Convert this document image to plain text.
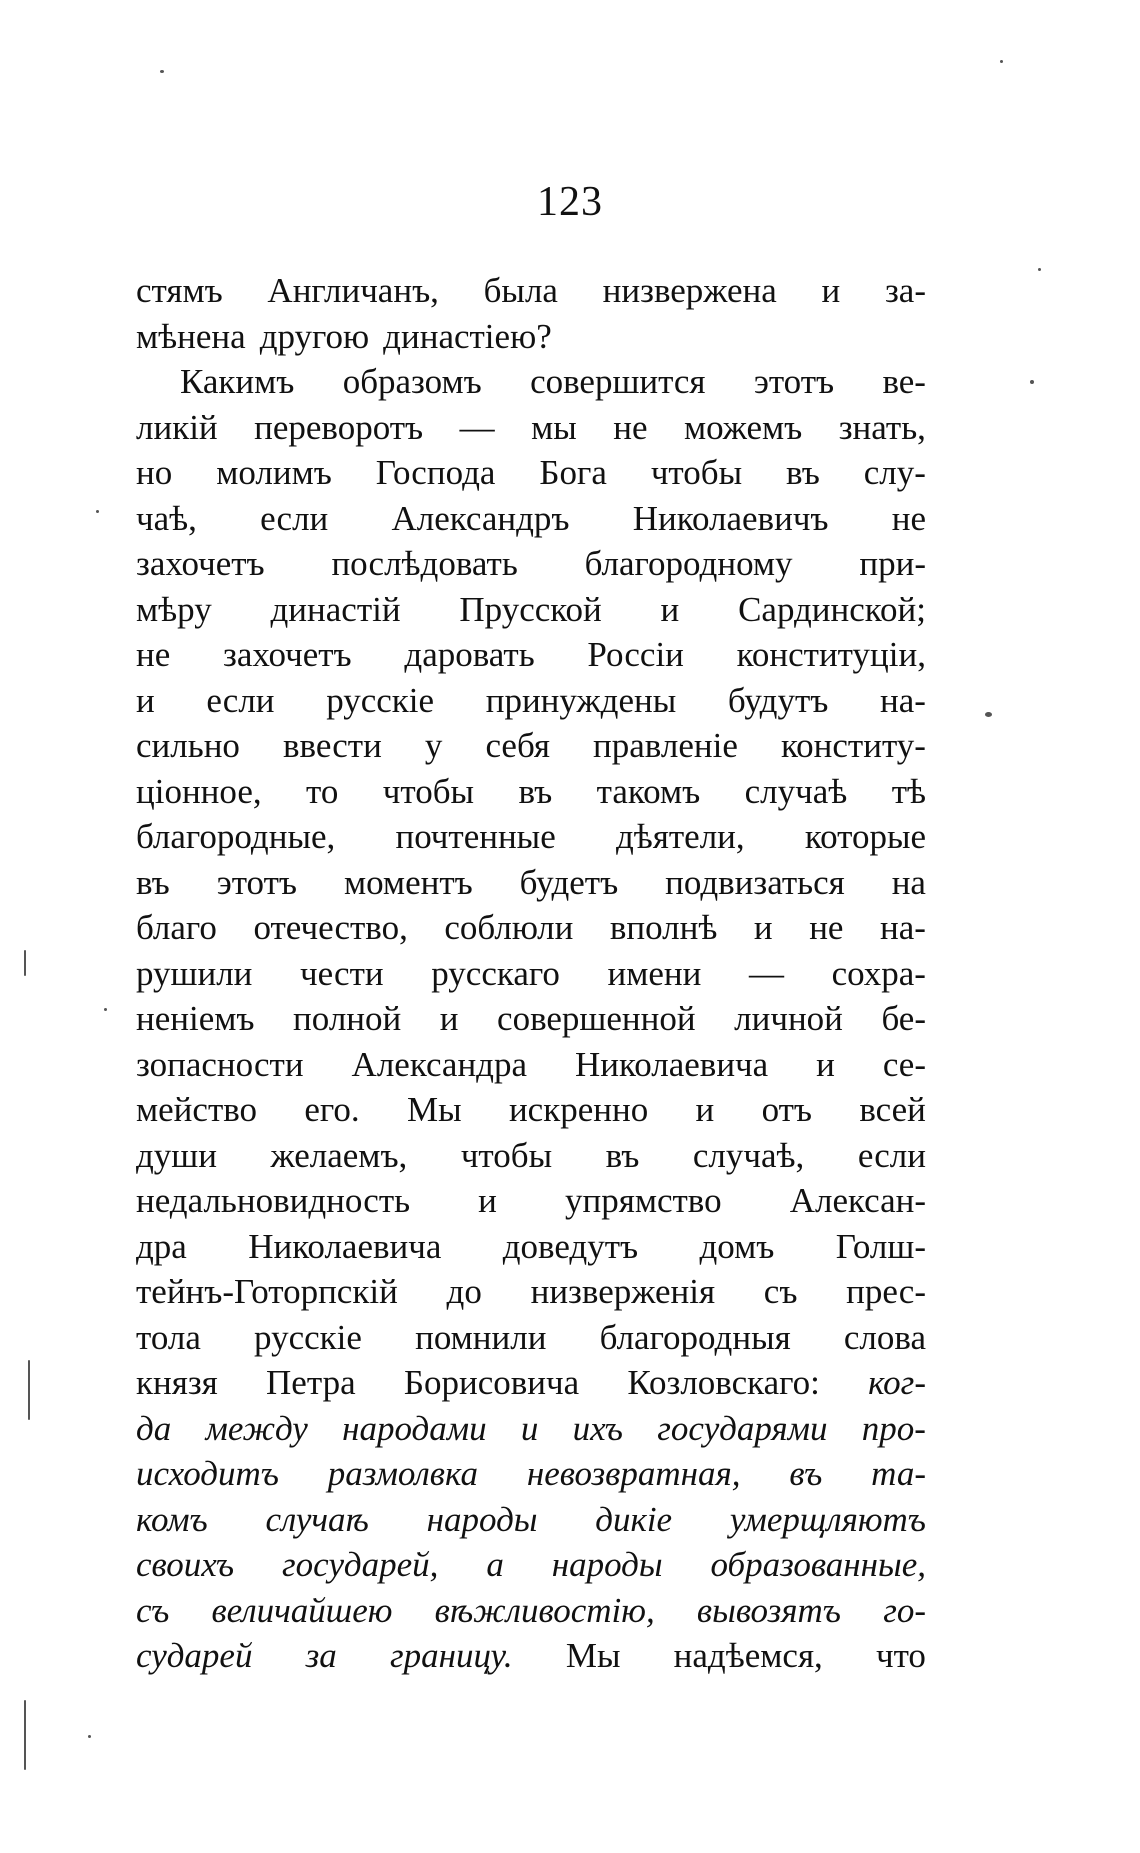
123
стямъ Англичанъ, была низвержена и за-
мѣнена другою династiею?
Какимъ образомъ совершится этотъ ве-
ликiй переворотъ — мы не можемъ знать,
но молимъ Господа Бога чтобы въ слу-
чаѣ, если Александръ Николаевичъ не
захочетъ послѣдовать благородному при-
мѣру династiй Прусской и Сардинской;
не захочетъ даровать Россiи конституцiи,
и если русскiе принуждены будутъ на-
сильно ввести у себя правленiе конститу-
цiонное, то чтобы въ такомъ случаѣ тѣ
благородные, почтенные дѣятели, которые
въ этотъ моментъ будетъ подвизаться на
благо отечество, соблюли вполнѣ и не на-
рушили чести русскаго имени — сохра-
ненiемъ полной и совершенной личной бе-
зопасности Александра Николаевича и се-
мейство его. Мы искренно и отъ всей
души желаемъ, чтобы въ случаѣ, если
недальновидность и упрямство Алексан-
дра Николаевича доведутъ домъ Голш-
тейнъ-Готорпскiй до низверженiя съ прес-
тола русскiе помнили благородныя слова
князя Петра Борисовича Козловскаго: ког-
да между народами и ихъ государями про-
исходитъ размолвка невозвратная, въ та-
комъ случаѣ народы дикiе умерщляютъ
своихъ государей, а народы образованные,
съ величайшею вѣжливостiю, вывозятъ го-
сударей за границу. Мы надѣемся, что
